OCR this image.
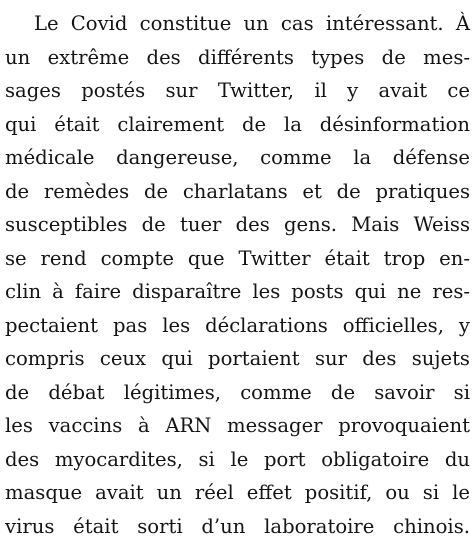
Le Covid constitue un cas intéressant. À
un extrême des différents types de mes-
sages postés sur Twitter, il y avait ce
qui était clairement de la désinformation
médicale dangereuse, comme la défense
de remèdes de charlatans et de pratiques
susceptibles de tuer des gens. Mais Weiss
se rend compte que Twitter était trop en-
clin à faire disparaître les posts qui ne res-
pectaient pas les déclarations officielles, y
compris ceux qui portaient sur des sujets
de débat légitimes, comme de savoir si
les vaccins à ARN messager provoquaient
des myocardites, si le port obligatoire du
masque avait un réel effet positif, ou si le
virus était sorti d’un laboratoire chinois.
